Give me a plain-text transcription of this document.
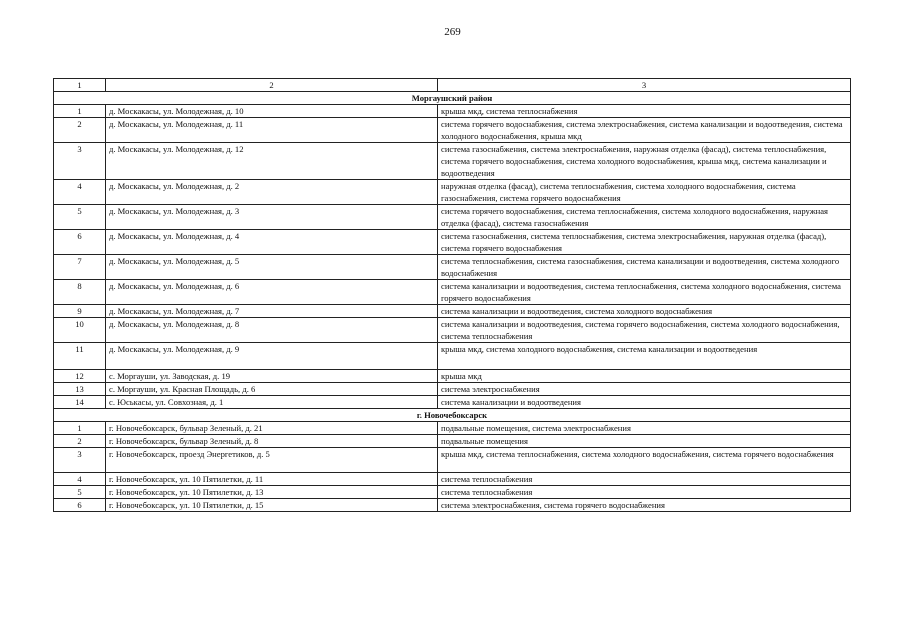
269
1	2	3
Моргаушский район		
1	д. Москакасы, ул. Молодежная, д. 10	крыша мкд, система теплоснабжения
2	д. Москакасы, ул. Молодежная, д. 11	система горячего водоснабжения, система электроснабжения, система канализации и водоотведения, система холодного водоснабжения, крыша мкд
3	д. Москакасы, ул. Молодежная, д. 12	система газоснабжения, система электроснабжения, наружная отделка (фасад), система теплоснабжения, система горячего водоснабжения, система холодного водоснабжения, крыша мкд, система канализации и водоотведения
4	д. Москакасы, ул. Молодежная, д. 2	наружная отделка (фасад), система теплоснабжения, система холодного водоснабжения, система газоснабжения, система горячего водоснабжения
5	д. Москакасы, ул. Молодежная, д. 3	система горячего водоснабжения, система теплоснабжения, система холодного водоснабжения, наружная отделка (фасад), система газоснабжения
6	д. Москакасы, ул. Молодежная, д. 4	система газоснабжения, система теплоснабжения, система электроснабжения, наружная отделка (фасад), система горячего водоснабжения
7	д. Москакасы, ул. Молодежная, д. 5	система теплоснабжения, система газоснабжения, система канализации и водоотведения, система холодного водоснабжения
8	д. Москакасы, ул. Молодежная, д. 6	система канализации и водоотведения, система теплоснабжения, система холодного водоснабжения, система горячего водоснабжения
9	д. Москакасы, ул. Молодежная, д. 7	система канализации и водоотведения, система холодного водоснабжения
10	д. Москакасы, ул. Молодежная, д. 8	система канализации и водоотведения, система горячего водоснабжения, система холодного водоснабжения, система теплоснабжения
11	д. Москакасы, ул. Молодежная, д. 9	крыша мкд, система холодного водоснабжения, система канализации и водоотведения
12	с. Моргауши, ул. Заводская, д. 19	крыша мкд
13	с. Моргауши, ул. Красная Площадь, д. 6	система электроснабжения
14	с. Юськасы, ул. Совхозная, д. 1	система канализации и водоотведения
г. Новочебоксарск		
1	г. Новочебоксарск, бульвар Зеленый, д. 21	подвальные помещения, система электроснабжения
2	г. Новочебоксарск, бульвар Зеленый, д. 8	подвальные помещения
3	г. Новочебоксарск, проезд Энергетиков, д. 5	крыша мкд, система теплоснабжения, система холодного водоснабжения, система горячего водоснабжения
4	г. Новочебоксарск, ул. 10 Пятилетки, д. 11	система теплоснабжения
5	г. Новочебоксарск, ул. 10 Пятилетки, д. 13	система теплоснабжения
6	г. Новочебоксарск, ул. 10 Пятилетки, д. 15	система электроснабжения, система горячего водоснабжения
